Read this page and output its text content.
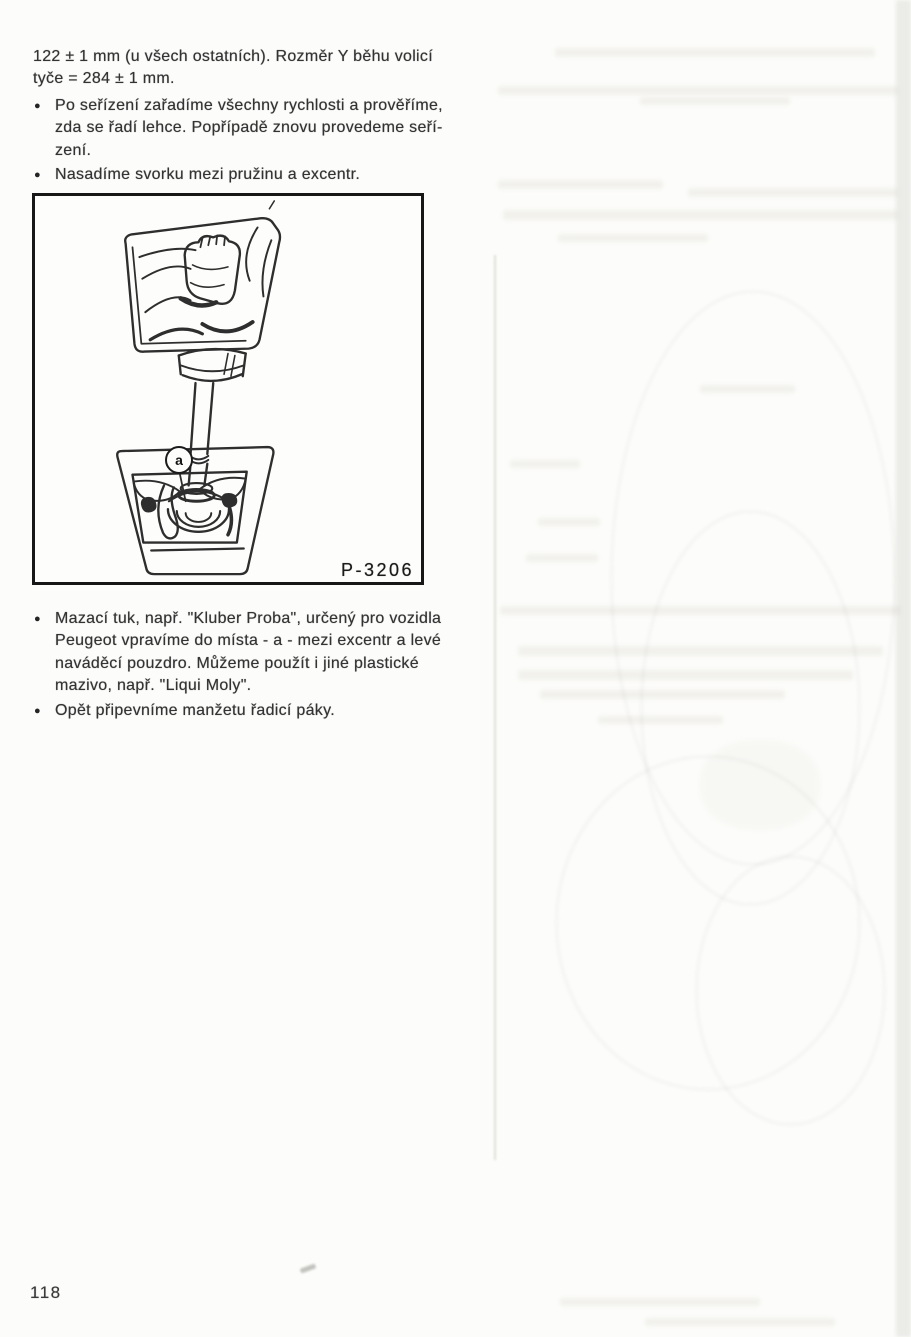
122 ± 1 mm (u všech ostatních). Rozměr Y běhu volicí
tyče = 284 ± 1 mm.
● Po seřízení zařadíme všechny rychlosti a prověříme,
zda se řadí lehce. Popřípadě znovu provedeme seří-
zení.
● Nasadíme svorku mezi pružinu a excentr.
a
P-3206
● Mazací tuk, např. "Kluber Proba", určený pro vozidla
Peugeot vpravíme do místa - a - mezi excentr a levé
naváděcí pouzdro. Můžeme použít i jiné plastické
mazivo, např. "Liqui Moly".
● Opět připevníme manžetu řadicí páky.
118
